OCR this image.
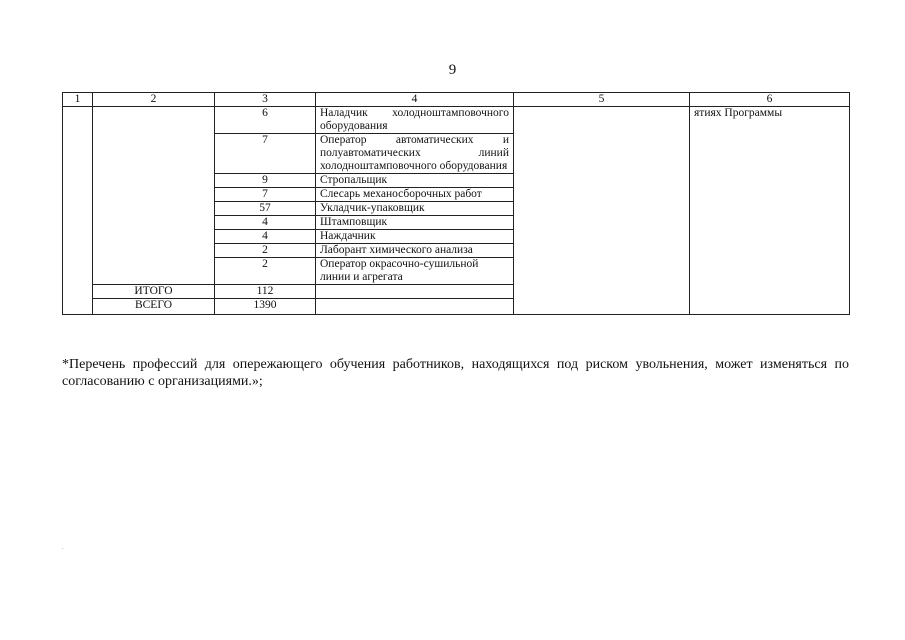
9
1	2	3	4	5	6
		6	Наладчик холодноштамповочного оборудования		ятиях Программы
		7	Оператор автоматических и полуавтоматических линий холодноштамповочного оборудования		
		9	Стропальщик		
		7	Слесарь механосборочных работ		
		57	Укладчик-упаковщик		
		4	Штамповщик		
		4	Наждачник		
		2	Лаборант химического анализа		
		2	Оператор окрасочно-сушильной линии и агрегата		
	ИТОГО	112			
	ВСЕГО	1390			
*Перечень профессий для опережающего обучения работников, находящихся под риском увольнения, может изменяться по согласованию с организациями.»;
